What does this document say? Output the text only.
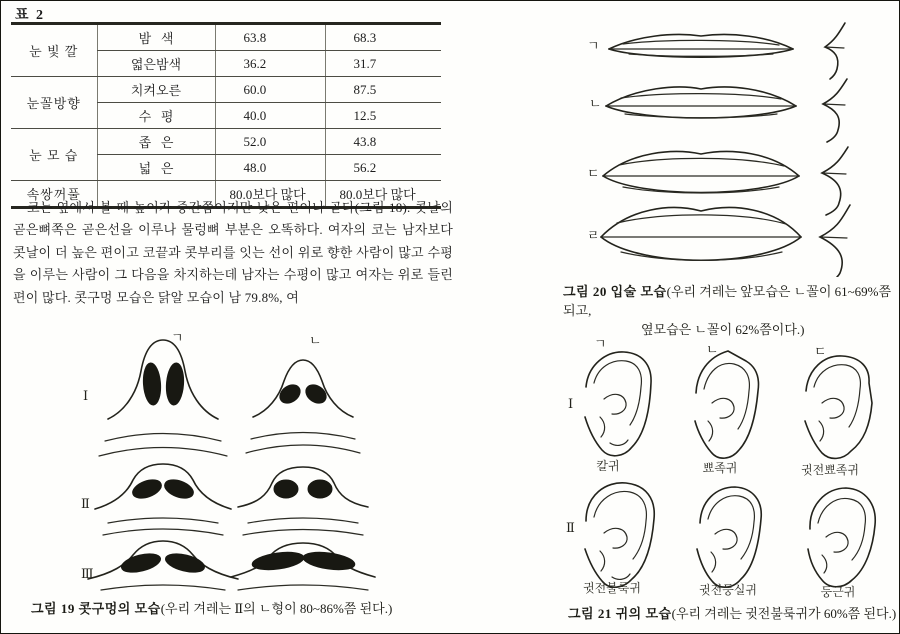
표 2
눈 빛 깔	밤   색	63.8	68.3
	엷은밤색	36.2	31.7
눈꼴방향	치켜오른	60.0	87.5
	수   평	40.0	12.5
눈 모 습	좁   은	52.0	43.8
	넓   은	48.0	56.2
속쌍꺼풀		80.0보다 많다	80.0보다 많다
코는 옆에서 볼 때 높이가 중간쯤이지만 낮은 편이나 곧다(그림 18). 콧날의 곧은뼈쪽은 곧은선을 이루나 물렁뼈 부분은 오똑하다. 여자의 코는 남자보다 콧날이 더 높은 편이고 코끝과 콧부리를 잇는 선이 위로 향한 사람이 많고 수평을 이루는 사람이 그 다음을 차지하는데 남자는 수평이 많고 여자는 위로 들린 편이 많다. 콧구멍 모습은 닭알 모습이 남 79.8%, 여
ㄱ	ㄴ
Ⅰ
Ⅱ
Ⅲ
그림 19 콧구멍의 모습(우리 겨레는 Ⅱ의 ㄴ형이 80~86%쯤 된다.)
ㄱ
ㄴ
ㄷ
ㄹ
그림 20 입술 모습(우리 겨레는 앞모습은 ㄴ꼴이 61~69%쯤 되고,
옆모습은 ㄴ꼴이 62%쯤이다.)
ㄱ	ㄴ	ㄷ
Ⅰ
Ⅱ
칼귀	뾰족귀	귓전뾰족귀
귓전불룩귀	귓전둥실귀	둥근귀
그림 21 귀의 모습(우리 겨레는 귓전불룩귀가 60%쯤 된다.)
